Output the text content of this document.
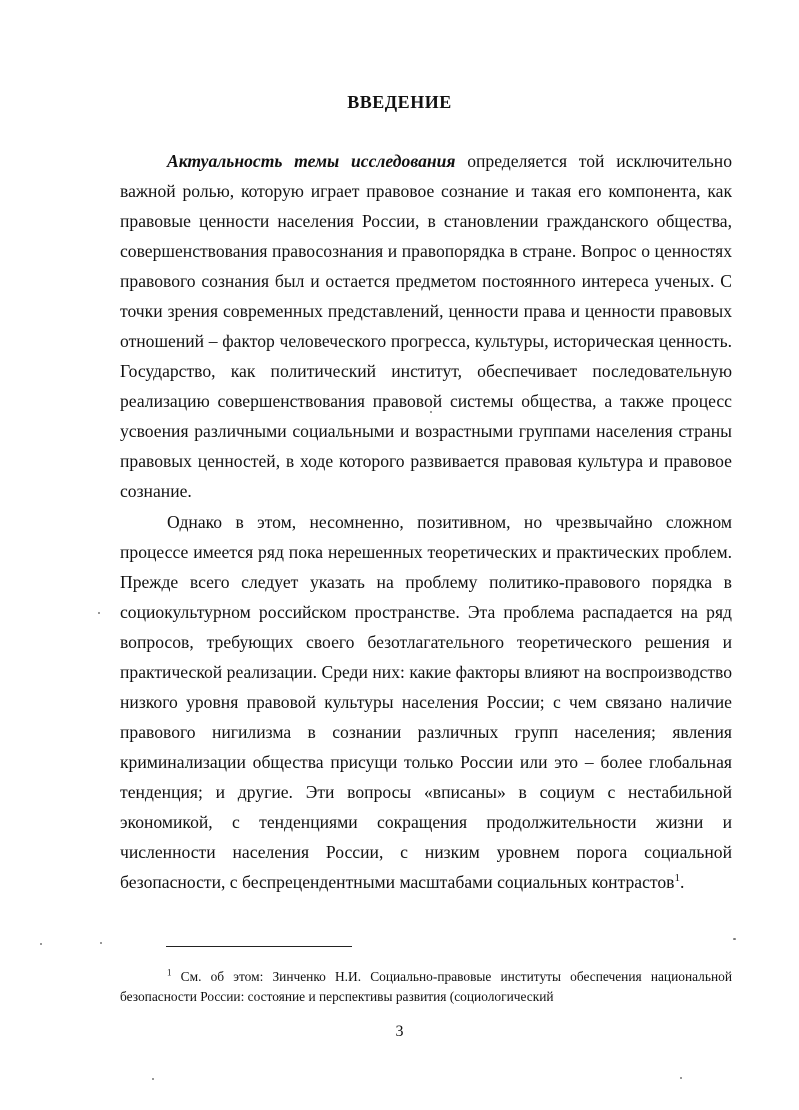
ВВЕДЕНИЕ

Актуальность темы исследования определяется той исключительно важной ролью, которую играет правовое сознание и такая его компонента, как правовые ценности населения России, в становлении гражданского общества, совершенствования правосознания и правопорядка в стране. Вопрос о ценностях правового сознания был и остается предметом постоянного интереса ученых. С точки зрения современных представлений, ценности права и ценности правовых отношений – фактор человеческого прогресса, культуры, историческая ценность. Государство, как политический институт, обеспечивает последовательную реализацию совершенствования правовой системы общества, а также процесс усвоения различными социальными и возрастными группами населения страны правовых ценностей, в ходе которого развивается правовая культура и правовое сознание.

Однако в этом, несомненно, позитивном, но чрезвычайно сложном процессе имеется ряд пока нерешенных теоретических и практических проблем. Прежде всего следует указать на проблему политико-правового порядка в социокультурном российском пространстве. Эта проблема распадается на ряд вопросов, требующих своего безотлагательного теоретического решения и практической реализации. Среди них: какие факторы влияют на воспроизводство низкого уровня правовой культуры населения России; с чем связано наличие правового нигилизма в сознании различных групп населения; явления криминализации общества присущи только России или это – более глобальная тенденция; и другие. Эти вопросы «вписаны» в социум с нестабильной экономикой, с тенденциями сокращения продолжительности жизни и численности населения России, с низким уровнем порога социальной безопасности, с беспрецендентными масштабами социальных контрастов$^1$.

$^1$ См. об этом: Зинченко Н.И. Социально-правовые институты обеспечения национальной безопасности России: состояние и перспективы развития (социологический

3
